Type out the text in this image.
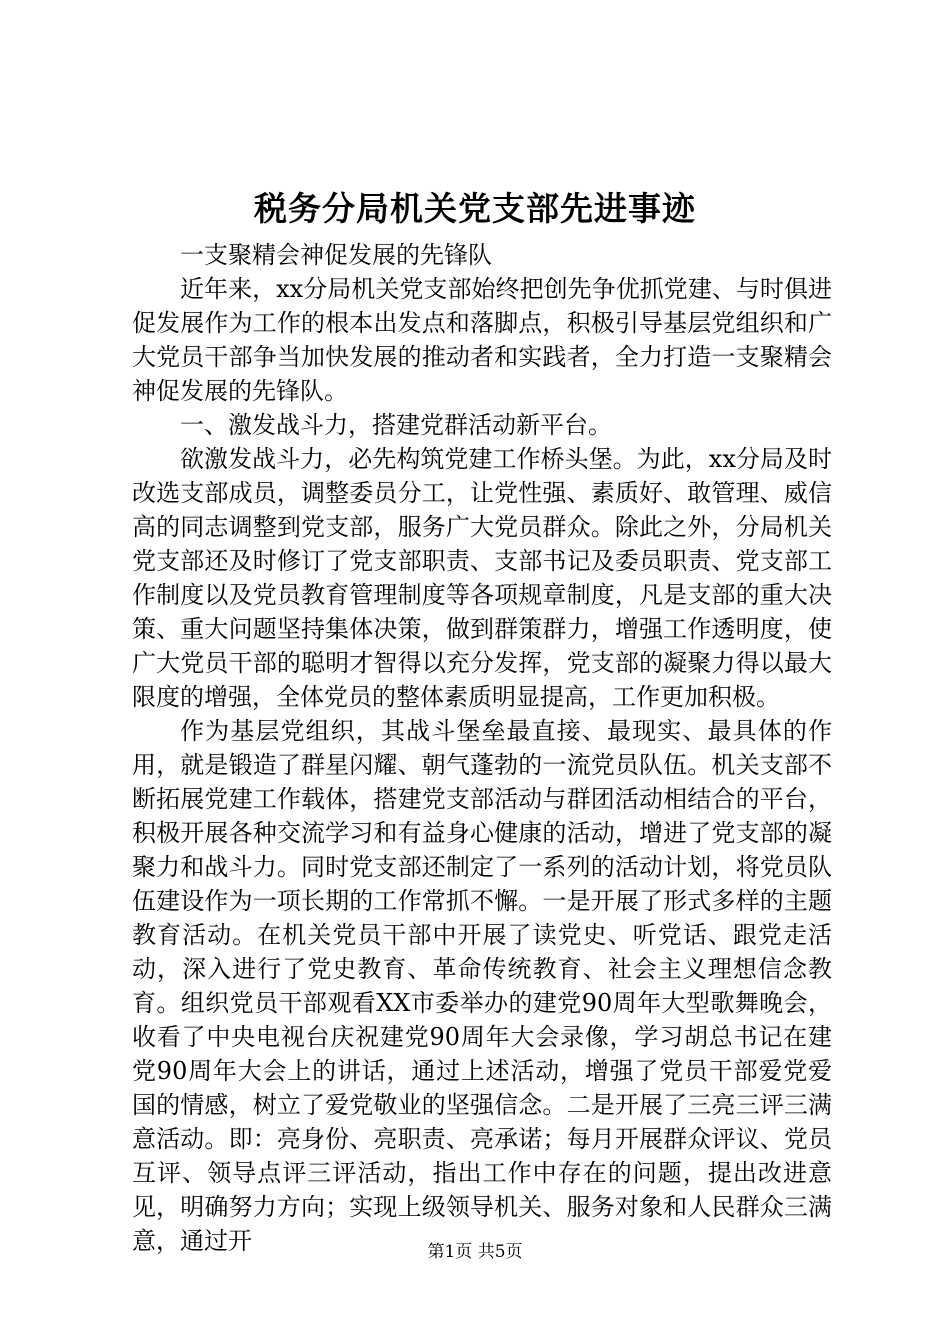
税务分局机关党支部先进事迹

一支聚精会神促发展的先锋队

近年来，xx分局机关党支部始终把创先争优抓党建、与时俱进促发展作为工作的根本出发点和落脚点，积极引导基层党组织和广大党员干部争当加快发展的推动者和实践者，全力打造一支聚精会神促发展的先锋队。

一、激发战斗力，搭建党群活动新平台。

欲激发战斗力，必先构筑党建工作桥头堡。为此，xx分局及时改选支部成员，调整委员分工，让党性强、素质好、敢管理、威信高的同志调整到党支部，服务广大党员群众。除此之外，分局机关党支部还及时修订了党支部职责、支部书记及委员职责、党支部工作制度以及党员教育管理制度等各项规章制度，凡是支部的重大决策、重大问题坚持集体决策，做到群策群力，增强工作透明度，使广大党员干部的聪明才智得以充分发挥，党支部的凝聚力得以最大限度的增强，全体党员的整体素质明显提高，工作更加积极。

作为基层党组织，其战斗堡垒最直接、最现实、最具体的作用，就是锻造了群星闪耀、朝气蓬勃的一流党员队伍。机关支部不断拓展党建工作载体，搭建党支部活动与群团活动相结合的平台，积极开展各种交流学习和有益身心健康的活动，增进了党支部的凝聚力和战斗力。同时党支部还制定了一系列的活动计划，将党员队伍建设作为一项长期的工作常抓不懈。一是开展了形式多样的主题教育活动。在机关党员干部中开展了读党史、听党话、跟党走活动，深入进行了党史教育、革命传统教育、社会主义理想信念教育。组织党员干部观看XX市委举办的建党90周年大型歌舞晚会，收看了中央电视台庆祝建党90周年大会录像，学习胡总书记在建党90周年大会上的讲话，通过上述活动，增强了党员干部爱党爱国的情感，树立了爱党敬业的坚强信念。二是开展了三亮三评三满意活动。即：亮身份、亮职责、亮承诺；每月开展群众评议、党员互评、领导点评三评活动，指出工作中存在的问题，提出改进意见，明确努力方向；实现上级领导机关、服务对象和人民群众三满意，通过开	第1页 共5页
